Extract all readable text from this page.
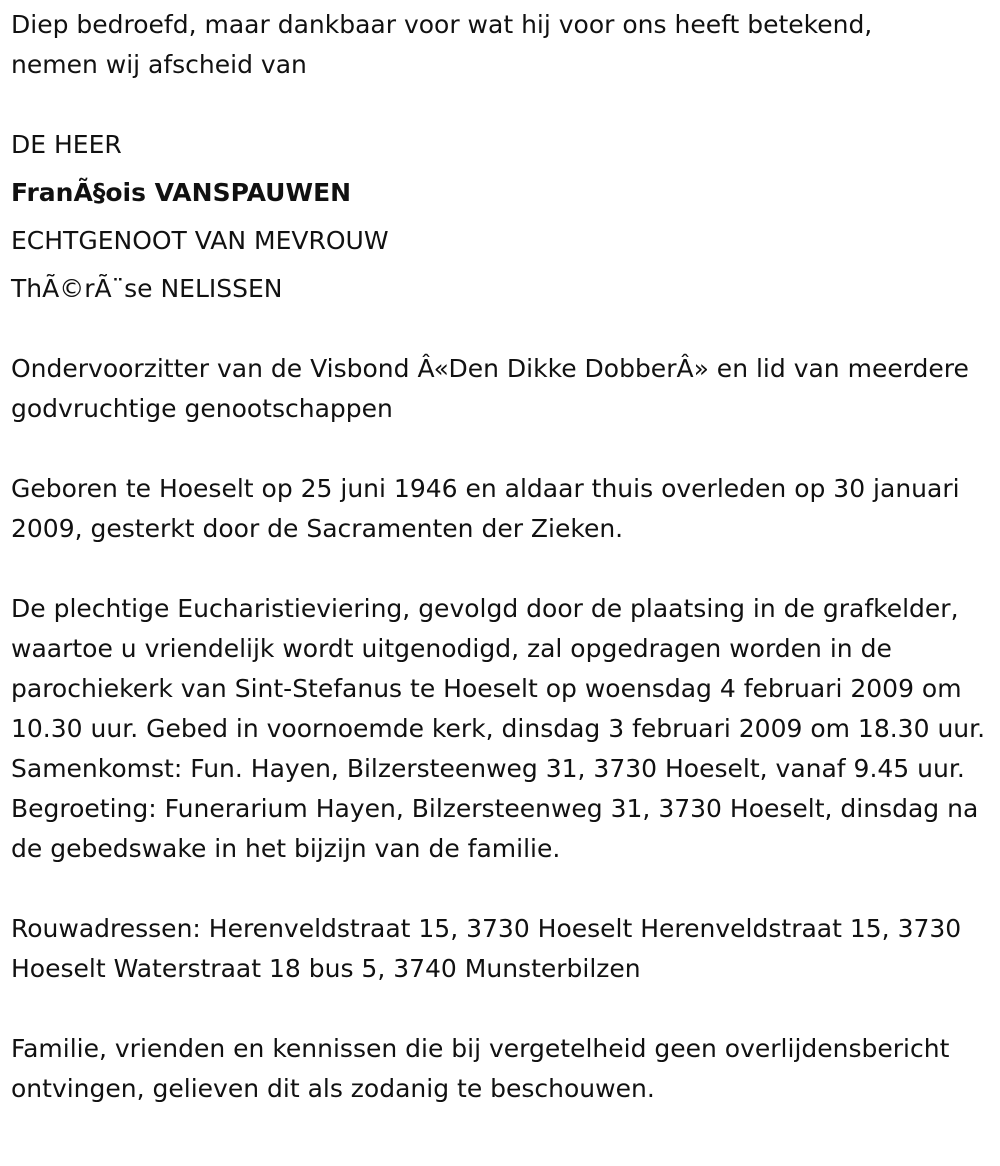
Diep bedroefd, maar dankbaar voor wat hij voor ons heeft betekend,

nemen wij afscheid van

DE HEER

FranÃ§ois VANSPAUWEN

ECHTGENOOT VAN MEVROUW

ThÃ©rÃ¨se NELISSEN

Ondervoorzitter van de Visbond Â«Den Dikke DobberÂ» en lid van meerdere godvruchtige genootschappen

Geboren te Hoeselt op 25 juni 1946 en aldaar thuis overleden op 30 januari 2009, gesterkt door de Sacramenten der Zieken.

De plechtige Eucharistieviering, gevolgd door de plaatsing in de grafkelder, waartoe u vriendelijk wordt uitgenodigd, zal opgedragen worden in de parochiekerk van Sint-Stefanus te Hoeselt op woensdag 4 februari 2009 om 10.30 uur. Gebed in voornoemde kerk, dinsdag 3 februari 2009 om 18.30 uur. Samenkomst: Fun. Hayen, Bilzersteenweg 31, 3730 Hoeselt, vanaf 9.45 uur. Begroeting: Funerarium Hayen, Bilzersteenweg 31, 3730 Hoeselt, dinsdag na de gebedswake in het bijzijn van de familie.

Rouwadressen: Herenveldstraat 15, 3730 Hoeselt Herenveldstraat 15, 3730 Hoeselt Waterstraat 18 bus 5, 3740 Munsterbilzen

Familie, vrienden en kennissen die bij vergetelheid geen overlijdensbericht ontvingen, gelieven dit als zodanig te beschouwen.
